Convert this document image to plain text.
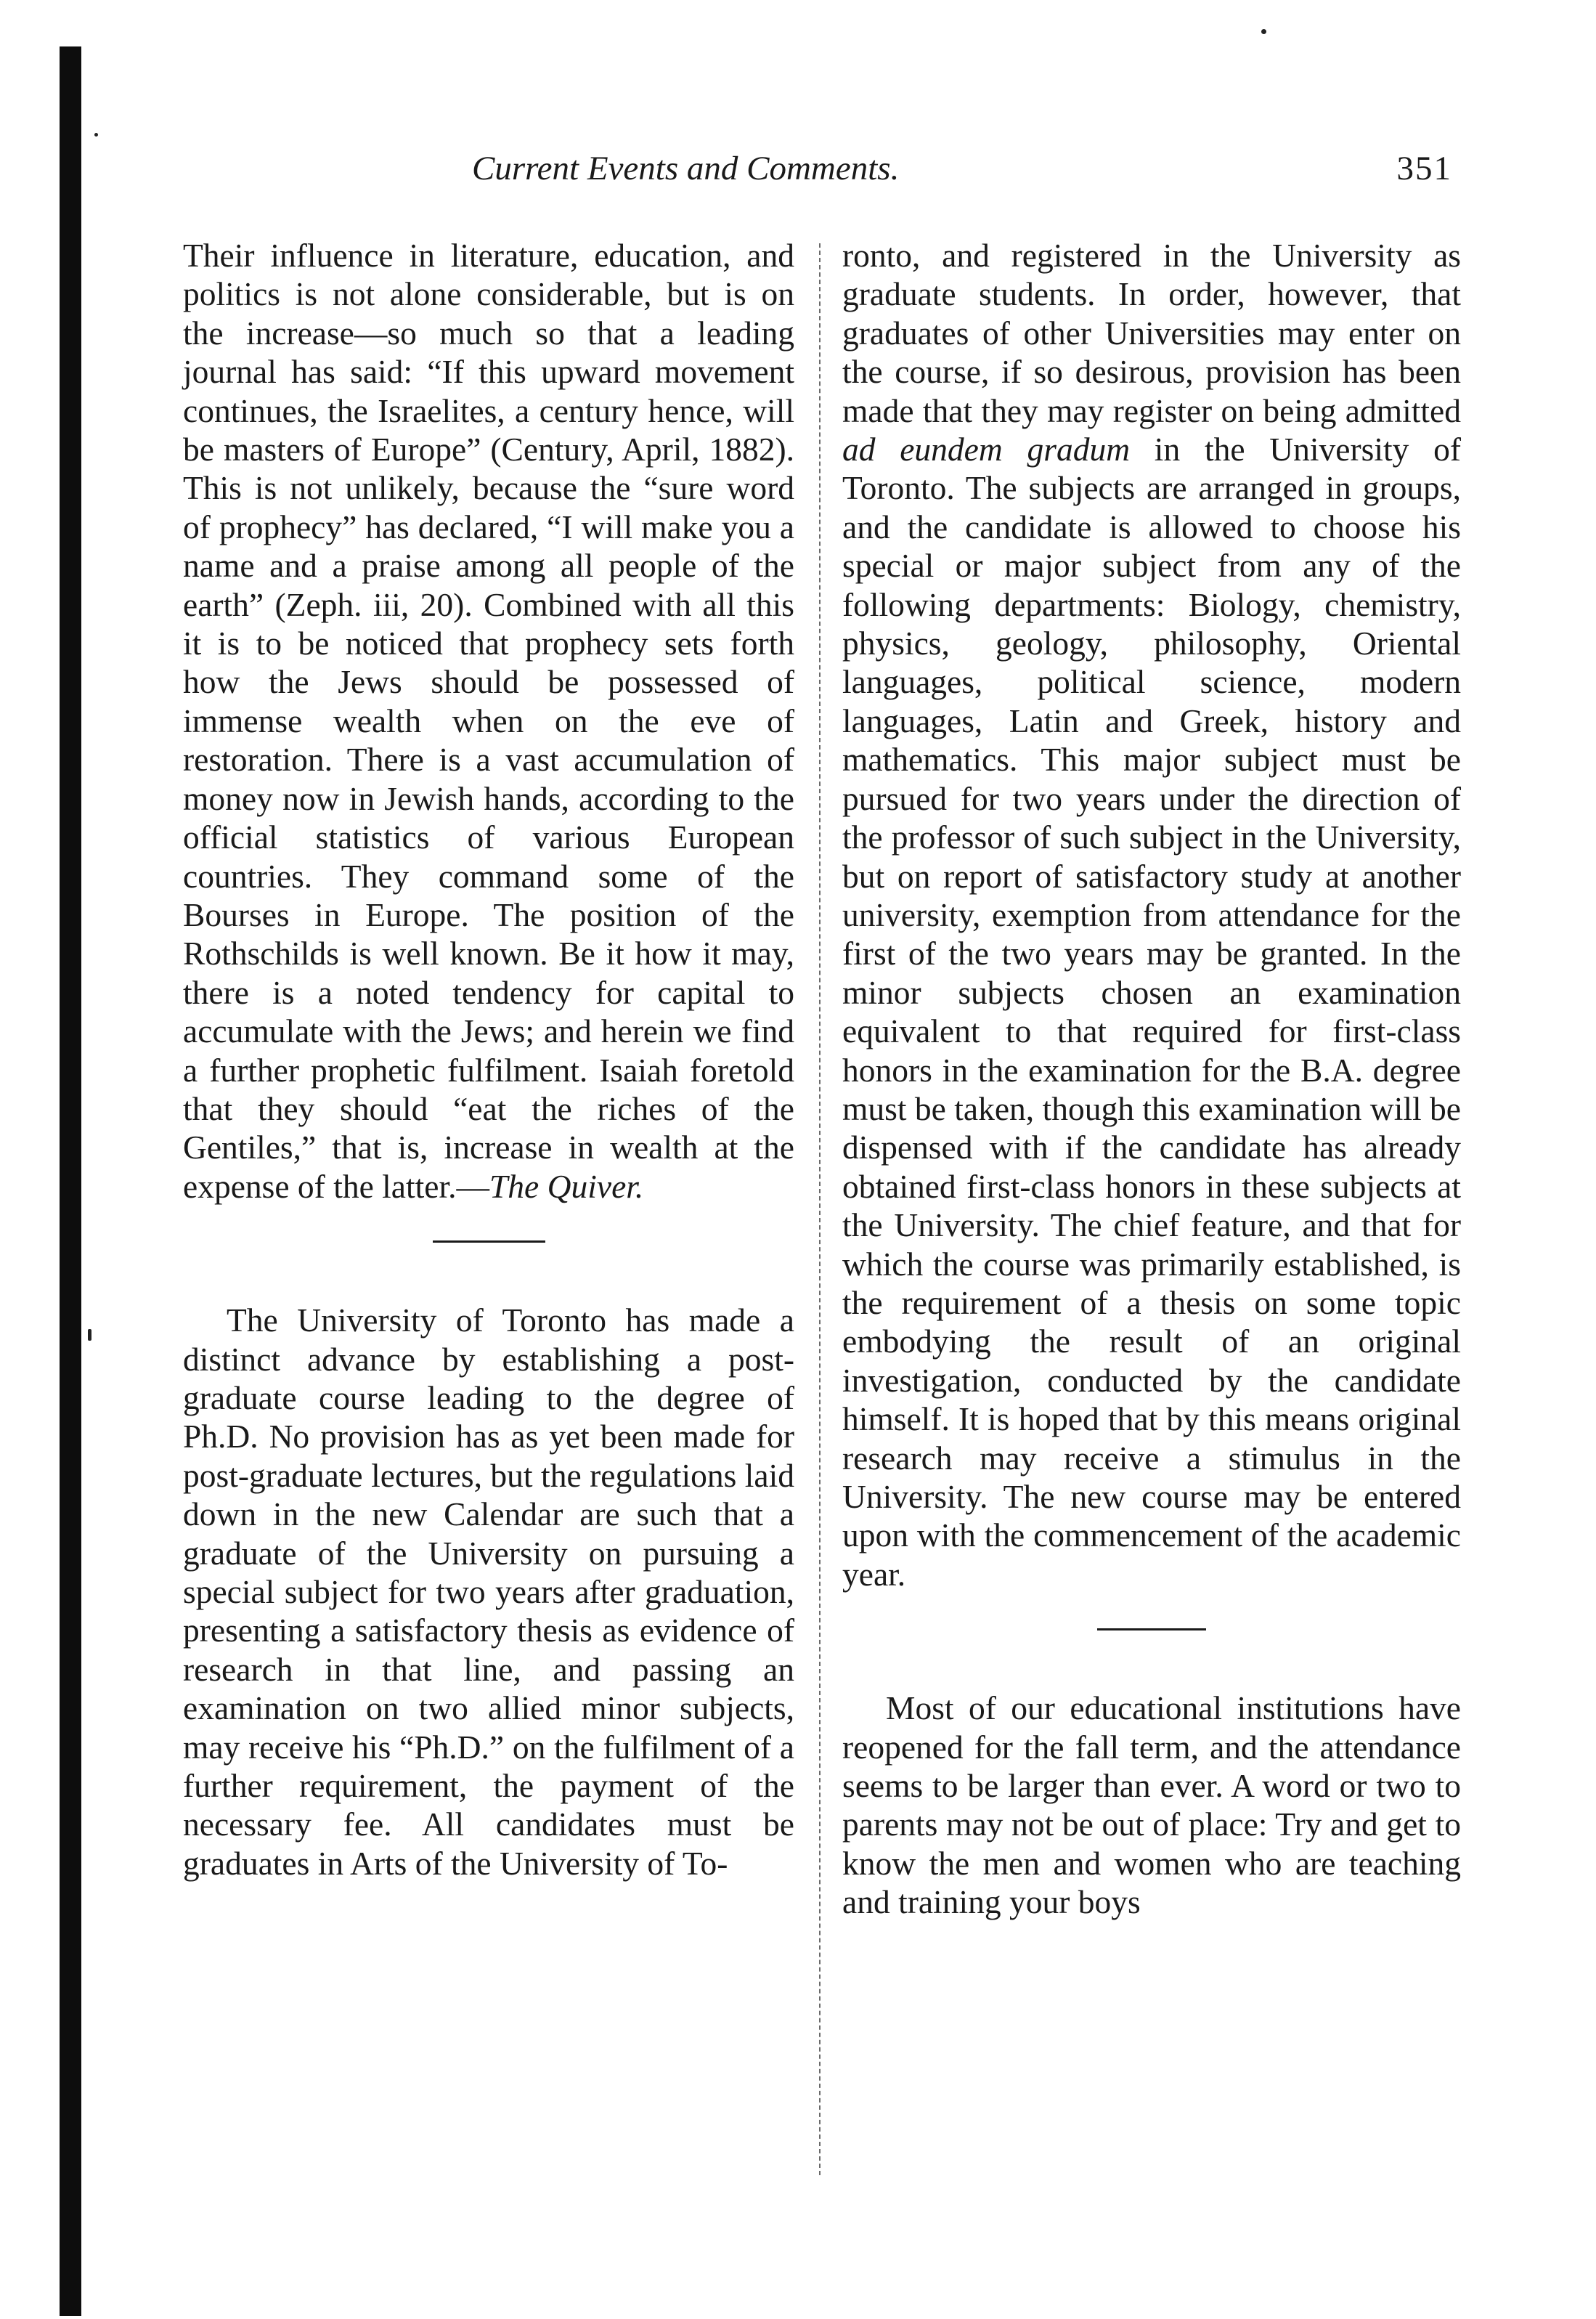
Current Events and Comments.	351

Their influence in literature, education, and politics is not alone considerable, but is on the increase—so much so that a leading journal has said: “If this upward movement continues, the Israelites, a century hence, will be masters of Europe” (Century, April, 1882). This is not unlikely, because the “sure word of prophecy” has declared, “I will make you a name and a praise among all people of the earth” (Zeph. iii, 20). Combined with all this it is to be noticed that prophecy sets forth how the Jews should be possessed of immense wealth when on the eve of restoration. There is a vast accumulation of money now in Jewish hands, according to the official statistics of various European countries. They command some of the Bourses in Europe. The position of the Rothschilds is well known. Be it how it may, there is a noted tendency for capital to accumulate with the Jews; and herein we find a further prophetic fulfilment. Isaiah foretold that they should “eat the riches of the Gentiles,” that is, increase in wealth at the expense of the latter.—The Quiver.

The University of Toronto has made a distinct advance by establishing a post-graduate course leading to the degree of Ph.D. No provision has as yet been made for post-graduate lectures, but the regulations laid down in the new Calendar are such that a graduate of the University on pursuing a special subject for two years after graduation, presenting a satisfactory thesis as evidence of research in that line, and passing an examination on two allied minor subjects, may receive his “Ph.D.” on the fulfilment of a further requirement, the payment of the necessary fee. All candidates must be graduates in Arts of the University of To-

ronto, and registered in the University as graduate students. In order, however, that graduates of other Universities may enter on the course, if so desirous, provision has been made that they may register on being admitted ad eundem gradum in the University of Toronto. The subjects are arranged in groups, and the candidate is allowed to choose his special or major subject from any of the following departments: Biology, chemistry, physics, geology, philosophy, Oriental languages, political science, modern languages, Latin and Greek, history and mathematics. This major subject must be pursued for two years under the direction of the professor of such subject in the University, but on report of satisfactory study at another university, exemption from attendance for the first of the two years may be granted. In the minor subjects chosen an examination equivalent to that required for first-class honors in the examination for the B.A. degree must be taken, though this examination will be dispensed with if the candidate has already obtained first-class honors in these subjects at the University. The chief feature, and that for which the course was primarily established, is the requirement of a thesis on some topic embodying the result of an original investigation, conducted by the candidate himself. It is hoped that by this means original research may receive a stimulus in the University. The new course may be entered upon with the commencement of the academic year.

Most of our educational institutions have reopened for the fall term, and the attendance seems to be larger than ever. A word or two to parents may not be out of place: Try and get to know the men and women who are teaching and training your boys
